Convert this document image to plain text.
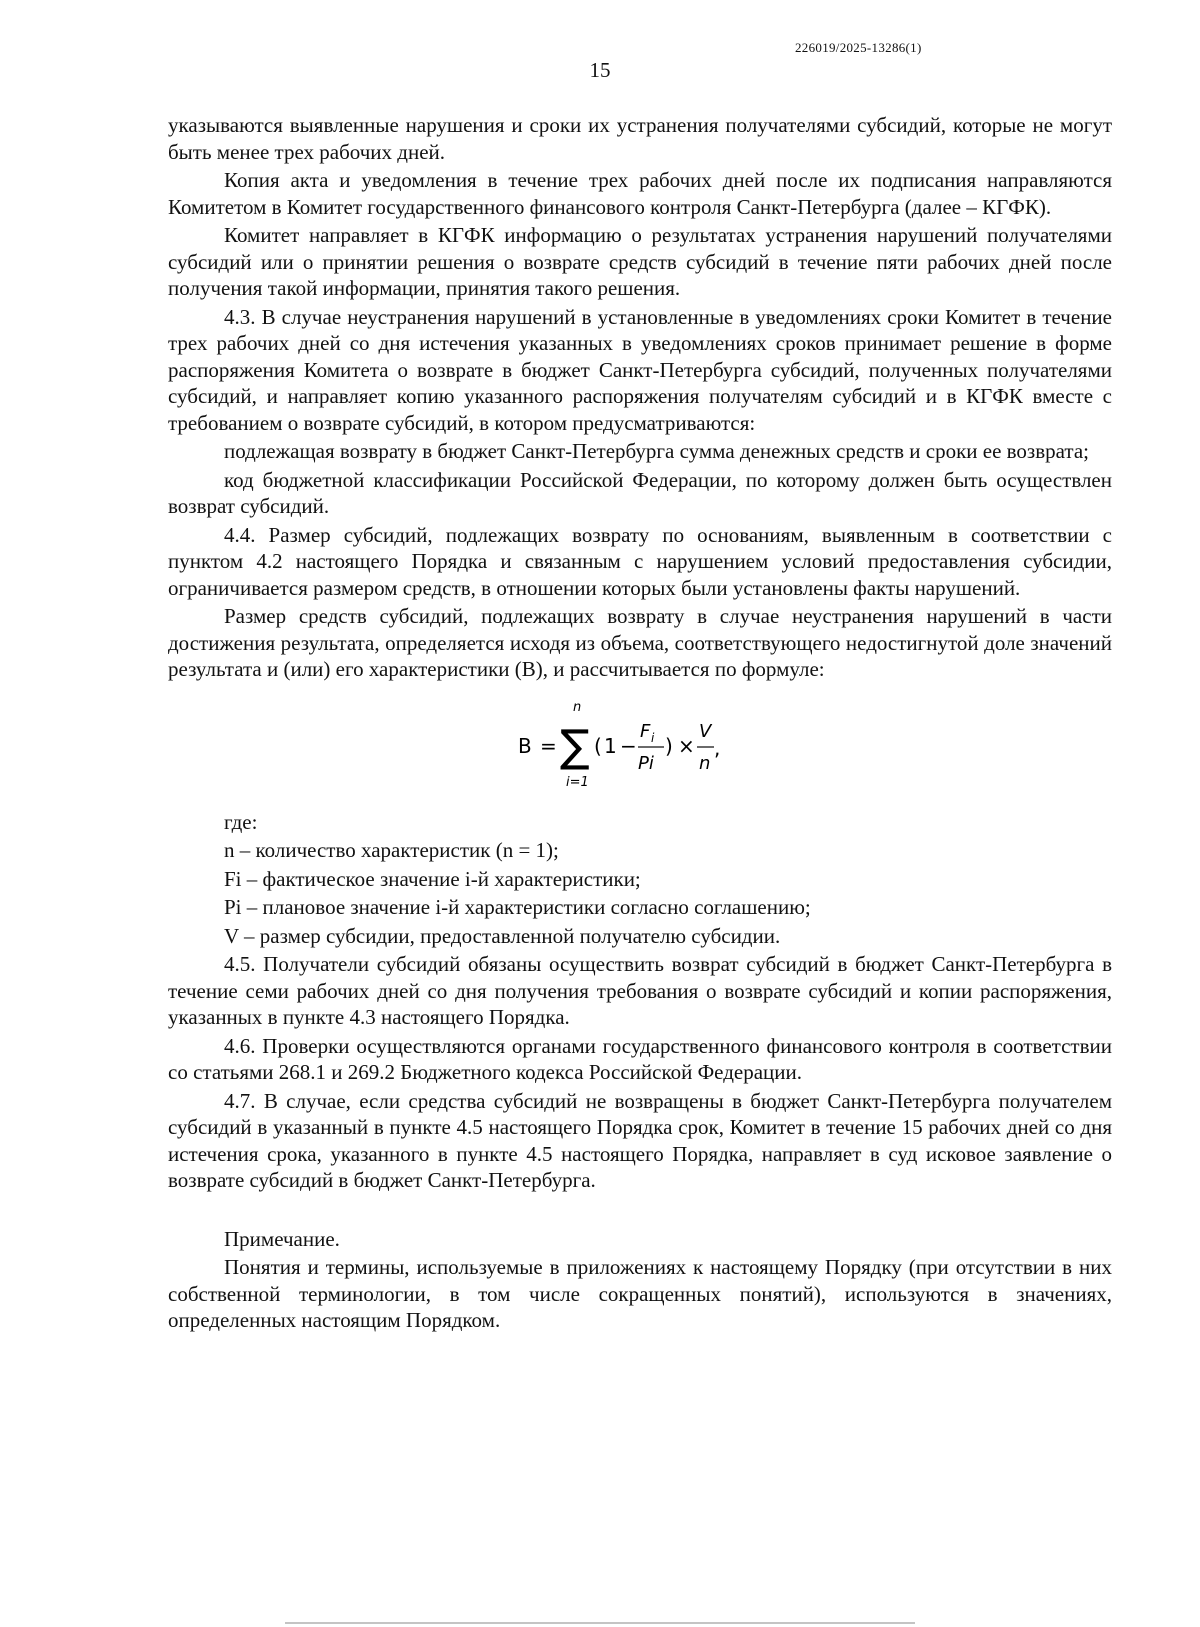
226019/2025-13286(1)
15

указываются выявленные нарушения и сроки их устранения получателями субсидий, которые не могут быть менее трех рабочих дней.

Копия акта и уведомления в течение трех рабочих дней после их подписания направляются Комитетом в Комитет государственного финансового контроля Санкт-Петербурга (далее – КГФК).

Комитет направляет в КГФК информацию о результатах устранения нарушений получателями субсидий или о принятии решения о возврате средств субсидий в течение пяти рабочих дней после получения такой информации, принятия такого решения.

4.3. В случае неустранения нарушений в установленные в уведомлениях сроки Комитет в течение трех рабочих дней со дня истечения указанных в уведомлениях сроков принимает решение в форме распоряжения Комитета о возврате в бюджет Санкт-Петербурга субсидий, полученных получателями субсидий, и направляет копию указанного распоряжения получателям субсидий и в КГФК вместе с требованием о возврате субсидий, в котором предусматриваются:

подлежащая возврату в бюджет Санкт-Петербурга сумма денежных средств и сроки ее возврата;

код бюджетной классификации Российской Федерации, по которому должен быть осуществлен возврат субсидий.

4.4. Размер субсидий, подлежащих возврату по основаниям, выявленным в соответствии с пунктом 4.2 настоящего Порядка и связанным с нарушением условий предоставления субсидии, ограничивается размером средств, в отношении которых были установлены факты нарушений.

Размер средств субсидий, подлежащих возврату в случае неустранения нарушений в части достижения результата, определяется исходя из объема, соответствующего недостигнутой доле значений результата и (или) его характеристики (В), и рассчитывается по формуле:

В =
n
∑
i=1
( 1 −
F i
Pi
) ×
V
n
,

где:

n – количество характеристик (n = 1);

Fi – фактическое значение i-й характеристики;

Pi – плановое значение i-й характеристики согласно соглашению;

V – размер субсидии, предоставленной получателю субсидии.

4.5. Получатели субсидий обязаны осуществить возврат субсидий в бюджет Санкт-Петербурга в течение семи рабочих дней со дня получения требования о возврате субсидий и копии распоряжения, указанных в пункте 4.3 настоящего Порядка.

4.6. Проверки осуществляются органами государственного финансового контроля в соответствии со статьями 268.1 и 269.2 Бюджетного кодекса Российской Федерации.

4.7. В случае, если средства субсидий не возвращены в бюджет Санкт-Петербурга получателем субсидий в указанный в пункте 4.5 настоящего Порядка срок, Комитет в течение 15 рабочих дней со дня истечения срока, указанного в пункте 4.5 настоящего Порядка, направляет в суд исковое заявление о возврате субсидий в бюджет Санкт-Петербурга.

Примечание.

Понятия и термины, используемые в приложениях к настоящему Порядку (при отсутствии в них собственной терминологии, в том числе сокращенных понятий), используются в значениях, определенных настоящим Порядком.
